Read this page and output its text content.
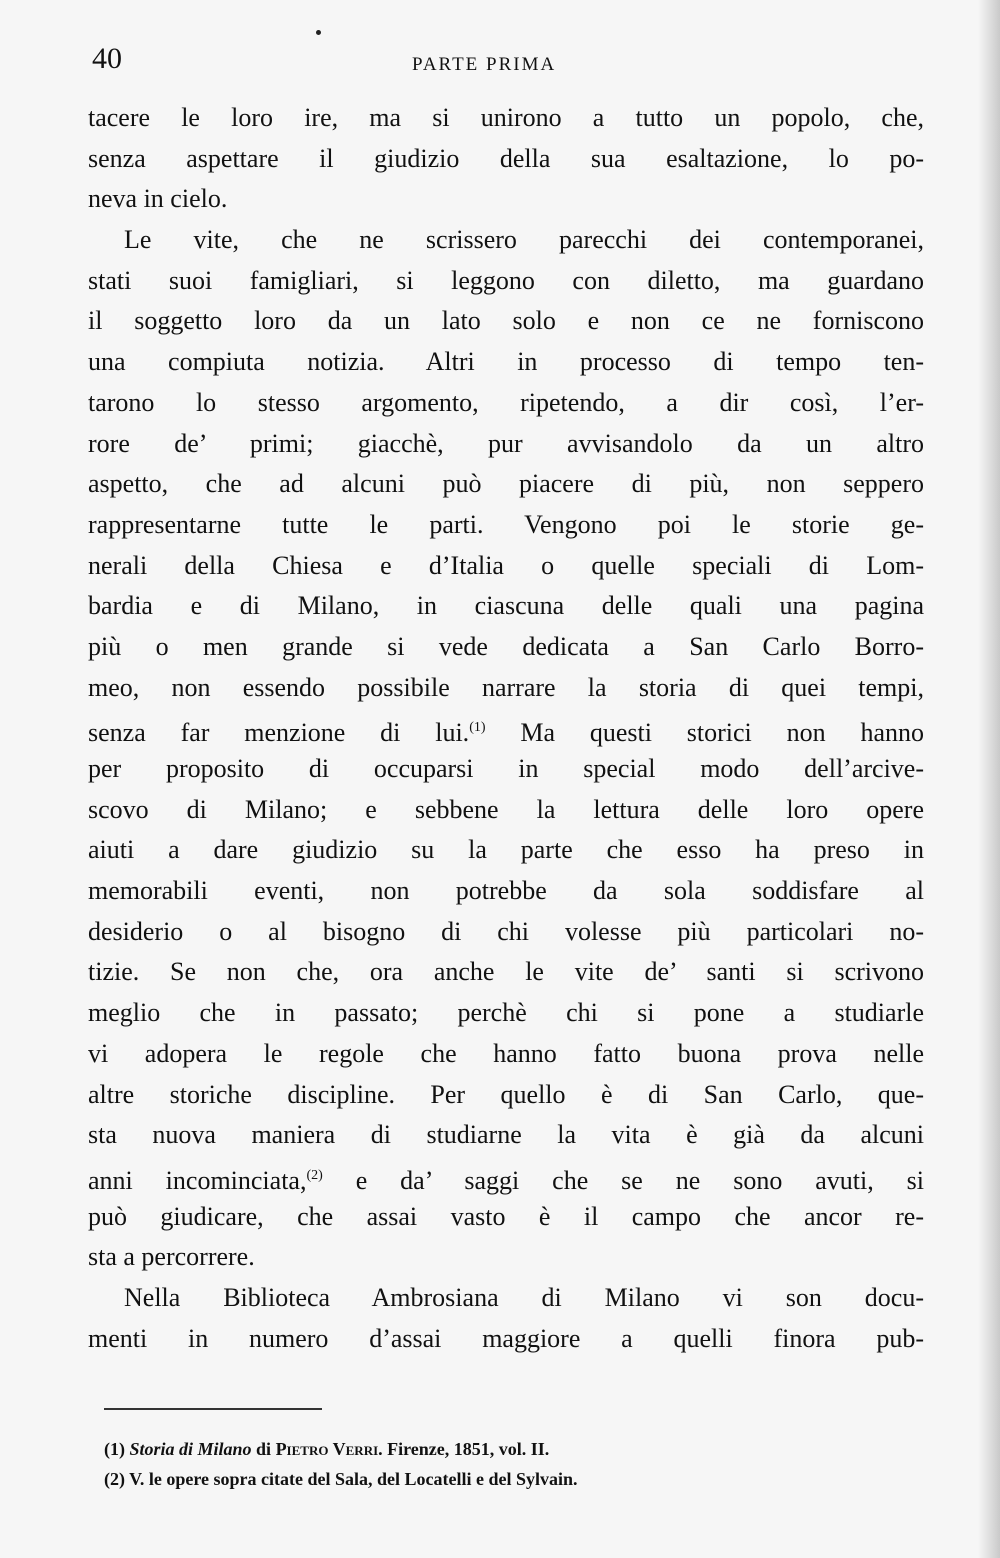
40	PARTE PRIMA
tacere le loro ire, ma si unirono a tutto un popolo, che,
senza aspettare il giudizio della sua esaltazione, lo po-
neva in cielo.
Le vite, che ne scrissero parecchi dei contemporanei,
stati suoi famigliari, si leggono con diletto, ma guardano
il soggetto loro da un lato solo e non ce ne forniscono
una compiuta notizia. Altri in processo di tempo ten-
tarono lo stesso argomento, ripetendo, a dir così, l’er-
rore de’ primi; giacchè, pur avvisandolo da un altro
aspetto, che ad alcuni può piacere di più, non seppero
rappresentarne tutte le parti. Vengono poi le storie ge-
nerali della Chiesa e d’Italia o quelle speciali di Lom-
bardia e di Milano, in ciascuna delle quali una pagina
più o men grande si vede dedicata a San Carlo Borro-
meo, non essendo possibile narrare la storia di quei tempi,
senza far menzione di lui.$^{(1)}$ Ma questi storici non hanno
per proposito di occuparsi in special modo dell’arcive-
scovo di Milano; e sebbene la lettura delle loro opere
aiuti a dare giudizio su la parte che esso ha preso in
memorabili eventi, non potrebbe da sola soddisfare al
desiderio o al bisogno di chi volesse più particolari no-
tizie. Se non che, ora anche le vite de’ santi si scrivono
meglio che in passato; perchè chi si pone a studiarle
vi adopera le regole che hanno fatto buona prova nelle
altre storiche discipline. Per quello è di San Carlo, que-
sta nuova maniera di studiarne la vita è già da alcuni
anni incominciata,$^{(2)}$ e da’ saggi che se ne sono avuti, si
può giudicare, che assai vasto è il campo che ancor re-
sta a percorrere.
Nella Biblioteca Ambrosiana di Milano vi son docu-
menti in numero d’assai maggiore a quelli finora pub-
(1) Storia di Milano di Pietro Verri. Firenze, 1851, vol. II.
(2) V. le opere sopra citate del Sala, del Locatelli e del Sylvain.
